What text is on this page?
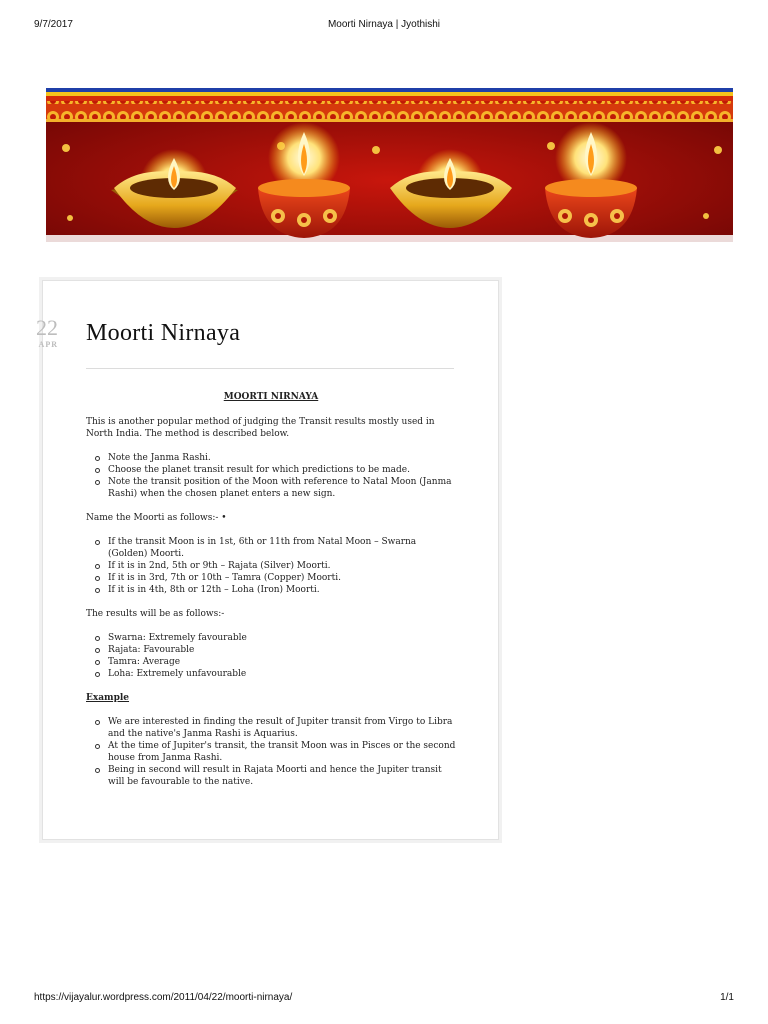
9/7/2017	Moorti Nirnaya | Jyothishi
22
APR Moorti Nirnaya

MOORTI NIRNAYA

This is another popular method of judging the Transit results mostly used in North India. The method is described below.

Note the Janma Rashi.
Choose the planet transit result for which predictions to be made.
Note the transit position of the Moon with reference to Natal Moon (Janma Rashi) when the chosen planet enters a new sign.

Name the Moorti as follows:- •

If the transit Moon is in 1st, 6th or 11th from Natal Moon – Swarna (Golden) Moorti.
If it is in 2nd, 5th or 9th – Rajata (Silver) Moorti.
If it is in 3rd, 7th or 10th – Tamra (Copper) Moorti.
If it is in 4th, 8th or 12th – Loha (Iron) Moorti.

The results will be as follows:-

Swarna: Extremely favourable
Rajata: Favourable
Tamra: Average
Loha: Extremely unfavourable

Example

We are interested in finding the result of Jupiter transit from Virgo to Libra and the native's Janma Rashi is Aquarius.
At the time of Jupiter's transit, the transit Moon was in Pisces or the second house from Janma Rashi.
Being in second will result in Rajata Moorti and hence the Jupiter transit will be favourable to the native.
https://vijayalur.wordpress.com/2011/04/22/moorti-nirnaya/	1/1
